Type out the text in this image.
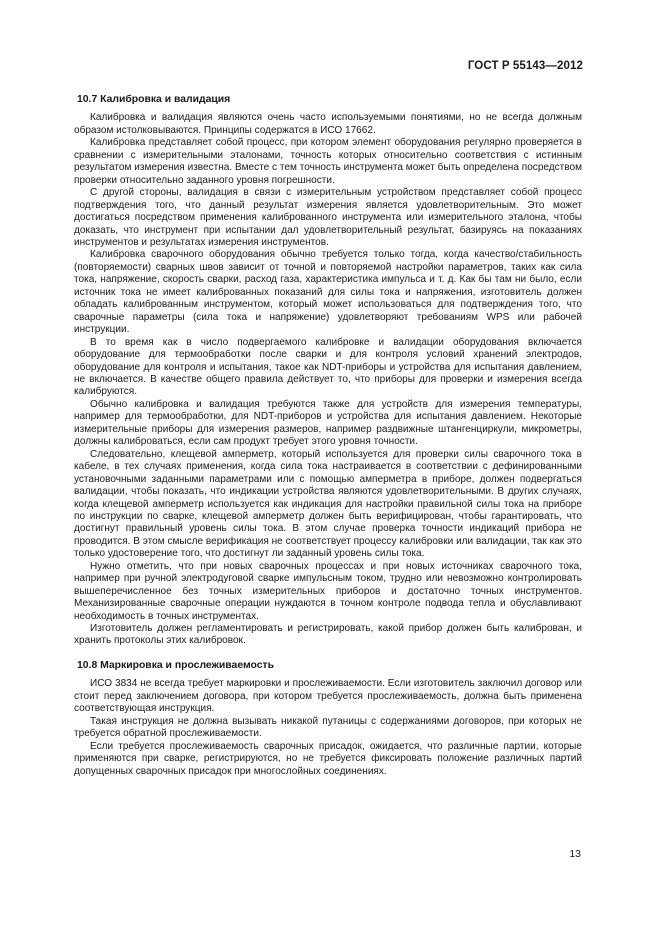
ГОСТ Р 55143—2012

10.7 Калибровка и валидация

Калибровка и валидация являются очень часто используемыми понятиями, но не всегда должным образом истолковываются. Принципы содержатся в ИСО 17662.

Калибровка представляет собой процесс, при котором элемент оборудования регулярно проверяется в сравнении с измерительными эталонами, точность которых относительно соответствия с истинным результатом измерения известна. Вместе с тем точность инструмента может быть определена посредством проверки относительно заданного уровня погрешности.

С другой стороны, валидация в связи с измерительным устройством представляет собой процесс подтверждения того, что данный результат измерения является удовлетворительным. Это может достигаться посредством применения калиброванного инструмента или измерительного эталона, чтобы доказать, что инструмент при испытании дал удовлетворительный результат, базируясь на показаниях инструментов и результатах измерения инструментов.

Калибровка сварочного оборудования обычно требуется только тогда, когда качество/стабильность (повторяемости) сварных швов зависит от точной и повторяемой настройки параметров, таких как сила тока, напряжение, скорость сварки, расход газа, характеристика импульса и т. д. Как бы там ни было, если источник тока не имеет калиброванных показаний для силы тока и напряжения, изготовитель должен обладать калиброванным инструментом, который может использоваться для подтверждения того, что сварочные параметры (сила тока и напряжение) удовлетворяют требованиям WPS или рабочей инструкции.

В то время как в число подвергаемого калибровке и валидации оборудования включается оборудование для термообработки после сварки и для контроля условий хранений электродов, оборудование для контроля и испытания, такое как NDT-приборы и устройства для испытания давлением, не включается. В качестве общего правила действует то, что приборы для проверки и измерения всегда калибруются.

Обычно калибровка и валидация требуются также для устройств для измерения температуры, например для термообработки, для NDT-приборов и устройства для испытания давлением. Некоторые измерительные приборы для измерения размеров, например раздвижные штангенциркули, микрометры, должны калиброваться, если сам продукт требует этого уровня точности.

Следовательно, клещевой амперметр, который используется для проверки силы сварочного тока в кабеле, в тех случаях применения, когда сила тока настраивается в соответствии с дефинированными установочными заданными параметрами или с помощью амперметра в приборе, должен подвергаться валидации, чтобы показать, что индикации устройства являются удовлетворительными. В других случаях, когда клещевой амперметр используется как индикация для настройки правильной силы тока на приборе по инструкции по сварке, клещевой амперметр должен быть верифицирован, чтобы гарантировать, что достигнут правильный уровень силы тока. В этом случае проверка точности индикаций прибора не проводится. В этом смысле верификация не соответствует процессу калибровки или валидации, так как это только удостоверение того, что достигнут ли заданный уровень силы тока.

Нужно отметить, что при новых сварочных процессах и при новых источниках сварочного тока, например при ручной электродуговой сварке импульсным током, трудно или невозможно контролировать вышеперечисленное без точных измерительных приборов и достаточно точных инструментов. Механизированные сварочные операции нуждаются в точном контроле подвода тепла и обуславливают необходимость в точных инструментах.

Изготовитель должен регламентировать и регистрировать, какой прибор должен быть калиброван, и хранить протоколы этих калибровок.

10.8 Маркировка и прослеживаемость

ИСО 3834 не всегда требует маркировки и прослеживаемости. Если изготовитель заключил договор или стоит перед заключением договора, при котором требуется прослеживаемость, должна быть применена соответствующая инструкция.

Такая инструкция не должна вызывать никакой путаницы с содержаниями договоров, при которых не требуется обратной прослеживаемости.

Если требуется прослеживаемость сварочных присадок, ожидается, что различные партии, которые применяются при сварке, регистрируются, но не требуется фиксировать положение различных партий допущенных сварочных присадок при многослойных соединениях.

13
